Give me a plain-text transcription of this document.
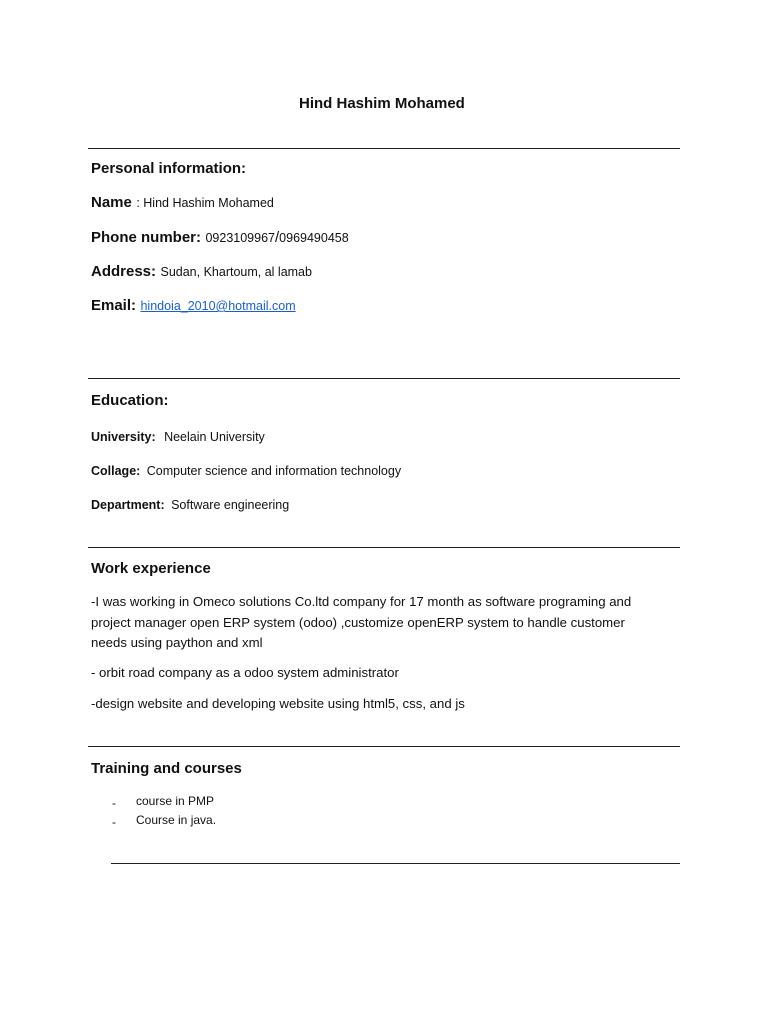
Hind Hashim Mohamed
Personal information:
Name : Hind Hashim Mohamed
Phone number: 0923109967/0969490458
Address: Sudan, Khartoum, al lamab
Email: hindoia_2010@hotmail.com
Education:
University: Neelain University
Collage: Computer science and information technology
Department: Software engineering
Work experience
-I was working in Omeco solutions Co.ltd company for 17 month as software programing and
project manager open ERP system (odoo) ,customize openERP system to handle customer
needs using paython and xml
- orbit road company as a odoo system administrator
-design website and developing website using html5, css, and js
Training and courses
- course in PMP
- Course in java.
